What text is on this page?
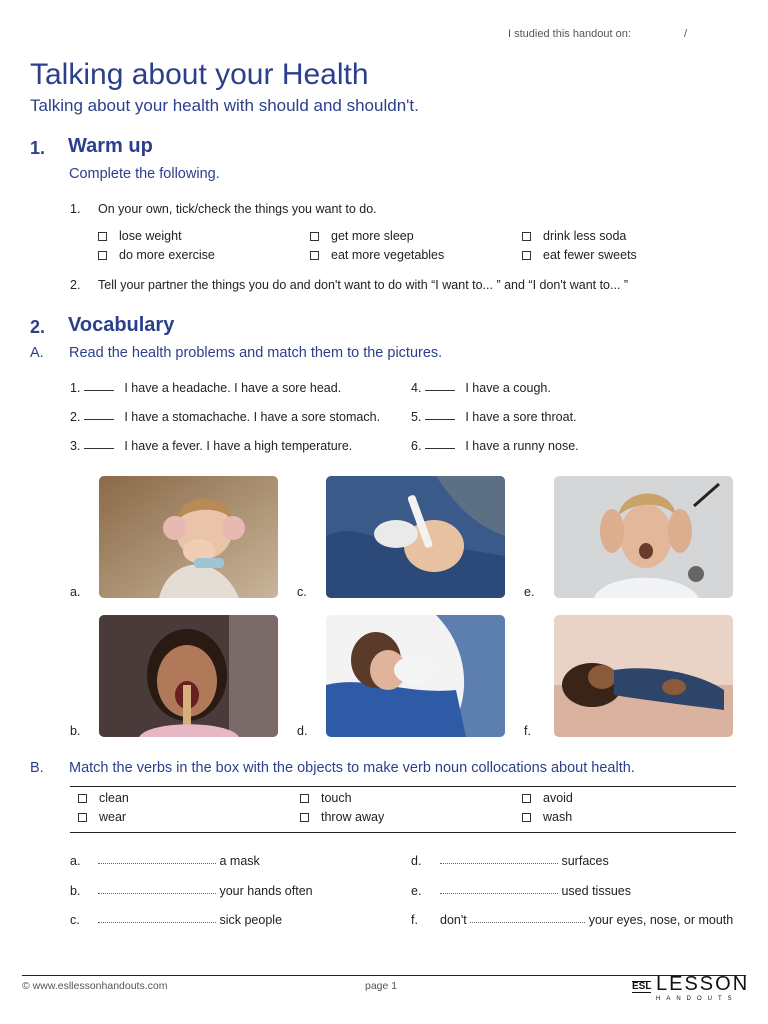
I studied this handout on:	/
Talking about your Health
Talking about your health with should and shouldn't.
1. Warm up
Complete the following.
1. On your own, tick/check the things you want to do.
lose weight	get more sleep	drink less soda
do more exercise	eat more vegetables	eat fewer sweets
2. Tell your partner the things you do and don't want to do with “I want to... ” and “I don't want to... ”
2. Vocabulary
A. Read the health problems and match them to the pictures.
1.	I have a headache. I have a sore head.
2.	I have a stomachache. I have a sore stomach.
3.	I have a fever. I have a high temperature.
4.	I have a cough.
5.	I have a sore throat.
6.	I have a runny nose.
a.	c.	e.
b.	d.	f.
B. Match the verbs in the box with the objects to make verb noun collocations about health.
clean	touch	avoid
wear	throw away	wash
a.	a mask
b.	your hands often
c.	sick people
d.	surfaces
e.	used tissues
f. don't	your eyes, nose, or mouth
© www.esllessonhandouts.com	page 1	ESL LESSON
HANDOUTS
